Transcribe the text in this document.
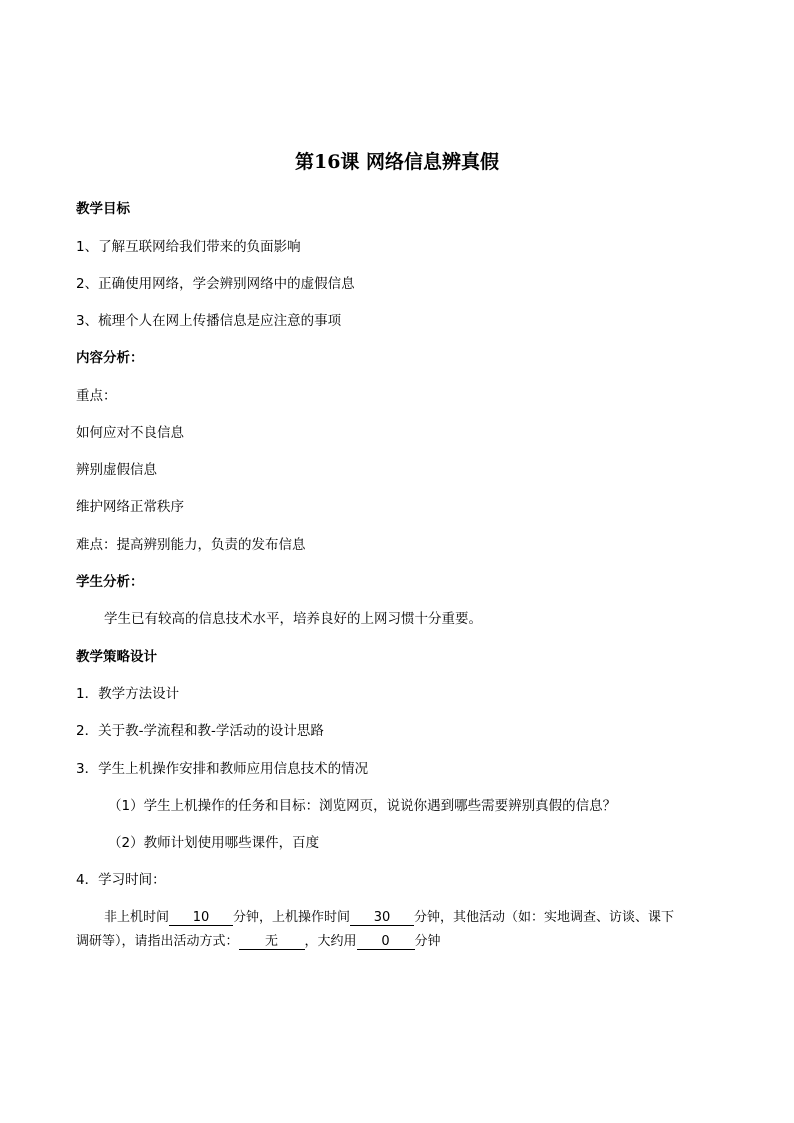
第16课 网络信息辨真假
教学目标
1、了解互联网给我们带来的负面影响
2、正确使用网络，学会辨别网络中的虚假信息
3、梳理个人在网上传播信息是应注意的事项
内容分析：
重点：
如何应对不良信息
辨别虚假信息
维护网络正常秩序
难点：提高辨别能力，负责的发布信息
学生分析：
学生已有较高的信息技术水平，培养良好的上网习惯十分重要。
教学策略设计
1．教学方法设计
2．关于教-学流程和教-学活动的设计思路
3．学生上机操作安排和教师应用信息技术的情况
（1）学生上机操作的任务和目标：浏览网页，说说你遇到哪些需要辨别真假的信息？
（2）教师计划使用哪些课件，百度
4．学习时间：
非上机时间 10 分钟，上机操作时间 30 分钟，其他活动（如：实地调查、访谈、课下
调研等），请指出活动方式： 无 ，大约用 0 分钟
